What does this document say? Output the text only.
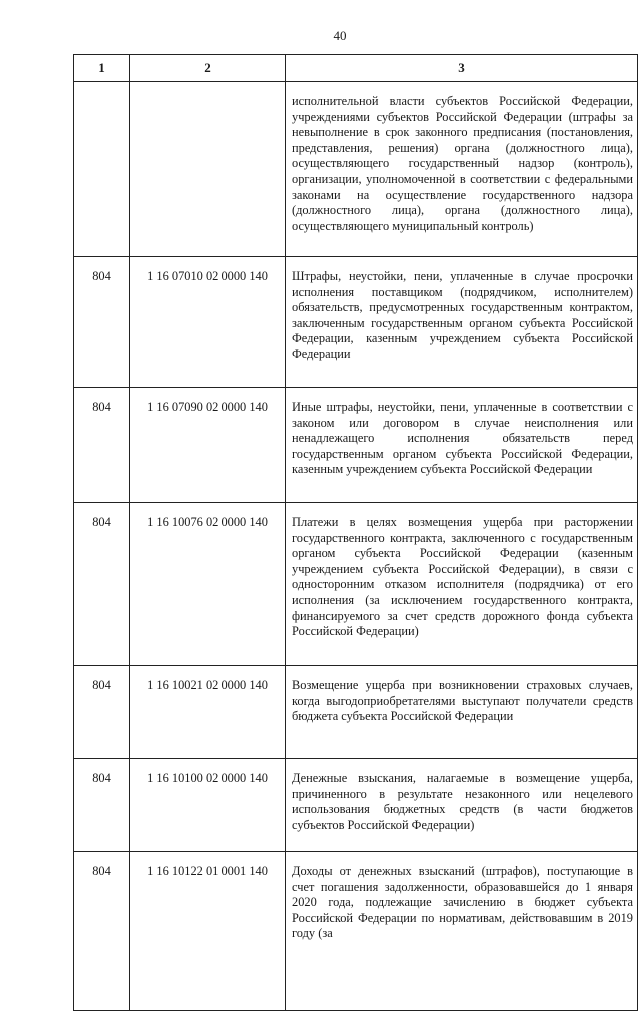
40
1	2	3
		исполнительной власти субъектов Российской Федерации, учреждениями субъектов Российской Федерации (штрафы за невыполнение в срок законного предписания (постановления, представления, решения) органа (должностного лица), осуществляющего государственный надзор (контроль), организации, уполномоченной в соответствии с федеральными законами на осуществление государственного надзора (должностного лица), органа (должностного лица), осуществляющего муниципальный контроль)
804	1 16 07010 02 0000 140	Штрафы, неустойки, пени, уплаченные в случае просрочки исполнения поставщиком (подрядчиком, исполнителем) обязательств, предусмотренных государственным контрактом, заключенным государственным органом субъекта Российской Федерации, казенным учреждением субъекта Российской Федерации
804	1 16 07090 02 0000 140	Иные штрафы, неустойки, пени, уплаченные в соответствии с законом или договором в случае неисполнения или ненадлежащего исполнения обязательств перед государственным органом субъекта Российской Федерации, казенным учреждением субъекта Российской Федерации
804	1 16 10076 02 0000 140	Платежи в целях возмещения ущерба при расторжении государственного контракта, заключенного с государственным органом субъекта Российской Федерации (казенным учреждением субъекта Российской Федерации), в связи с односторонним отказом исполнителя (подрядчика) от его исполнения (за исключением государственного контракта, финансируемого за счет средств дорожного фонда субъекта Российской Федерации)
804	1 16 10021 02 0000 140	Возмещение ущерба при возникновении страховых случаев, когда выгодоприобретателями выступают получатели средств бюджета субъекта Российской Федерации
804	1 16 10100 02 0000 140	Денежные взыскания, налагаемые в возмещение ущерба, причиненного в результате незаконного или нецелевого использования бюджетных средств (в части бюджетов субъектов Российской Федерации)
804	1 16 10122 01 0001 140	Доходы от денежных взысканий (штрафов), поступающие в счет погашения задолженности, образовавшейся до 1 января 2020 года, подлежащие зачислению в бюджет субъекта Российской Федерации по нормативам, действовавшим в 2019 году (за
